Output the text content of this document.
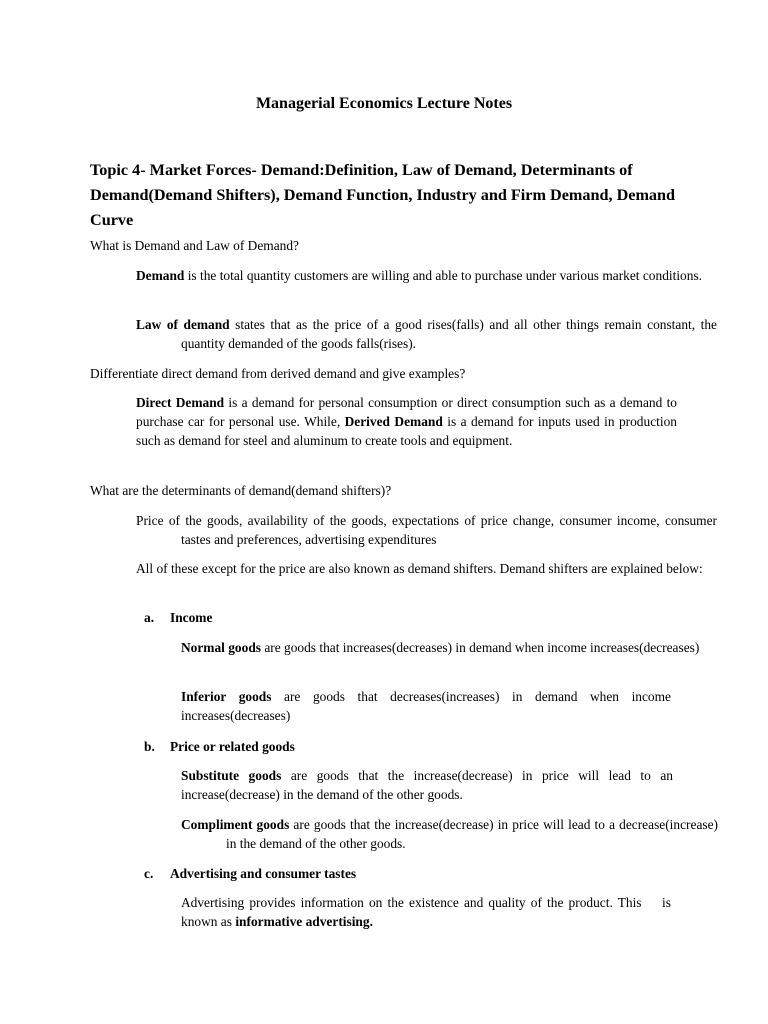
Managerial Economics Lecture Notes
Topic 4- Market Forces- Demand:Definition, Law of Demand, Determinants of Demand(Demand Shifters), Demand Function, Industry and Firm Demand, Demand Curve
What is Demand and Law of Demand?
Demand is the total quantity customers are willing and able to purchase under various market conditions.
Law of demand states that as the price of a good rises(falls) and all other things remain constant, the quantity demanded of the goods falls(rises).
Differentiate direct demand from derived demand and give examples?
Direct Demand is a demand for personal consumption or direct consumption such as a demand to purchase car for personal use. While, Derived Demand is a demand for inputs used in production such as demand for steel and aluminum to create tools and equipment.
What are the determinants of demand(demand shifters)?
Price of the goods, availability of the goods, expectations of price change, consumer income, consumer tastes and preferences, advertising expenditures
All of these except for the price are also known as demand shifters. Demand shifters are explained below:
a. Income
Normal goods are goods that increases(decreases) in demand when income increases(decreases)
Inferior goods are goods that decreases(increases) in demand when income increases(decreases)
b. Price or related goods
Substitute goods are goods that the increase(decrease) in price will lead to an increase(decrease) in the demand of the other goods.
Compliment goods are goods that the increase(decrease) in price will lead to a decrease(increase) in the demand of the other goods.
c. Advertising and consumer tastes
Advertising provides information on the existence and quality of the product. This    is known as informative advertising.
